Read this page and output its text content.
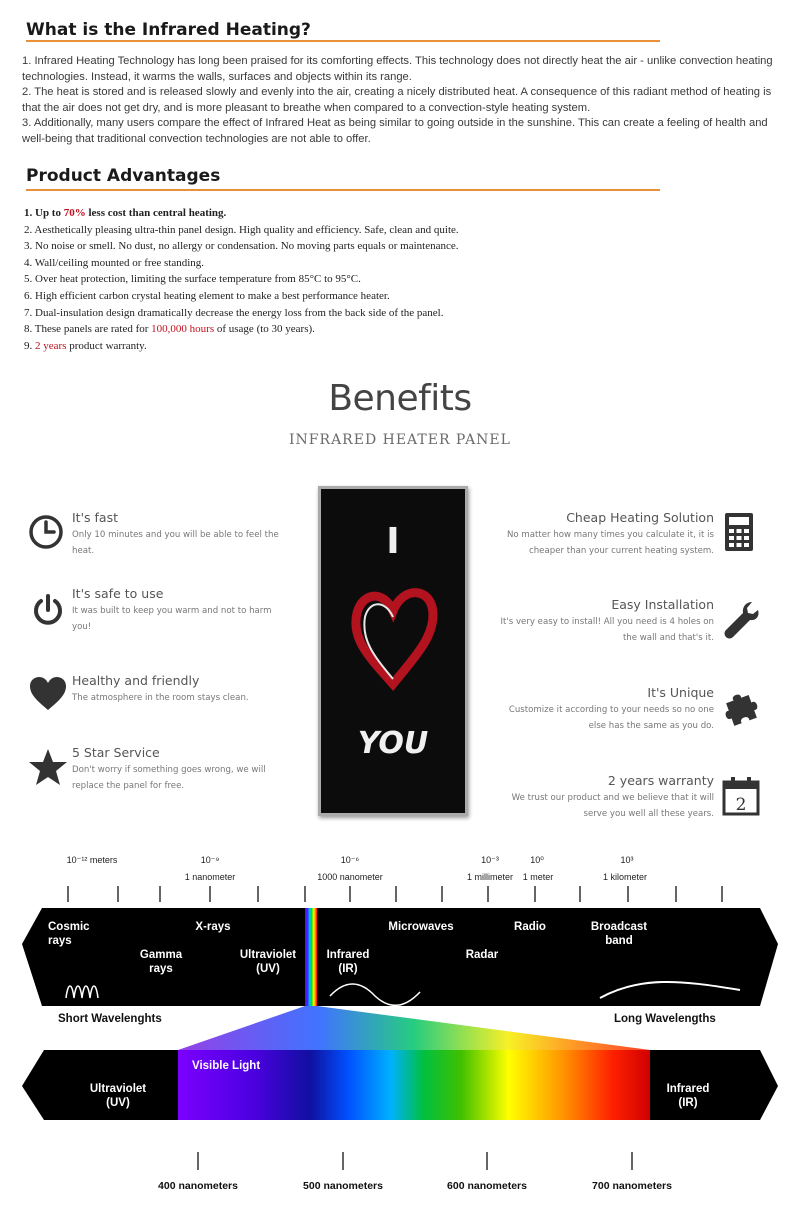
What is the Infrared Heating?

1. Infrared Heating Technology has long been praised for its comforting effects. This technology does not directly heat the air - unlike convection heating technologies. Instead, it warms the walls, surfaces and objects within its range.

2. The heat is stored and is released slowly and evenly into the air, creating a nicely distributed heat. A consequence of this radiant method of heating is that the air does not get dry, and is more pleasant to breathe when compared to a convection-style heating system.

3. Additionally, many users compare the effect of Infrared Heat as being similar to going outside in the sunshine. This can create a feeling of health and well-being that traditional convection technologies are not able to offer.

Product Advantages

1. Up to 70% less cost than central heating.

2. Aesthetically pleasing ultra-thin panel design. High quality and efficiency. Safe, clean and quite.

3. No noise or smell. No dust, no allergy or condensation. No moving parts equals or maintenance.

4. Wall/ceiling mounted or free standing.

5. Over heat protection, limiting the surface temperature from 85°C to 95°C.

6. High efficient carbon crystal heating element to make a best performance heater.

7. Dual-insulation design dramatically decrease the energy loss from the back side of the panel.

8. These panels are rated for 100,000 hours of usage (to 30 years).

9. 2 years product warranty.

Benefits
INFRARED HEATER PANEL
It's fast
Only 10 minutes and you will be able to feel the
heat.
It's safe to use
It was built to keep you warm and not to harm
you!
Healthy and friendly
The atmosphere in the room stays clean.
5 Star Service
Don't worry if something goes wrong, we will
replace the panel for free.
I
YOU
Cheap Heating Solution
No matter how many times you calculate it, it is
cheaper than your current heating system.
Easy Installation
It's very easy to install! All you need is 4 holes on
the wall and that's it.
It's Unique
Customize it according to your needs so no one
else has the same as you do.
2 years warranty
We trust our product and we believe that it will
serve you well all these years. 2
10⁻¹² meters	10⁻⁹	10⁻⁶	10⁻³	10⁰	10³
1 nanometer	1000 nanometer	1 millimeter	1 meter	1 kilometer
Cosmic
rays
Gamma
rays
X-rays
Ultraviolet
(UV)
Infrared
(IR)
Microwaves
Radar
Radio	Broadcast
band
Short Wavelenghts	Long Wavelengths
Visible Light
Ultraviolet
(UV)
Infrared
(IR)
400 nanometers	500 nanometers	600 nanometers	700 nanometers
